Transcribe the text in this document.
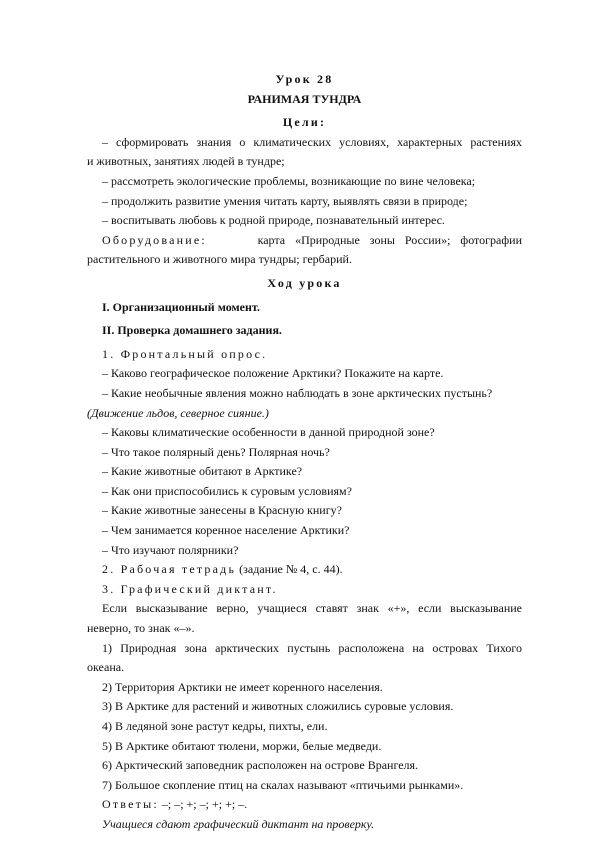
Урок 28
РАНИМАЯ ТУНДРА
Цели:
– сформировать знания о климатических условиях, характерных растениях
и животных, занятиях людей в тундре;
– рассмотреть экологические проблемы, возникающие по вине человека;
– продолжить развитие умения читать карту, выявлять связи в природе;
– воспитывать любовь к родной природе, познавательный интерес.
Оборудование:	карта «Природные зоны России»; фотографии
растительного и животного мира тундры; гербарий.
Ход урока
I. Организационный момент.
II. Проверка домашнего задания.
1. Фронтальный опрос.
– Каково географическое положение Арктики? Покажите на карте.
– Какие необычные явления можно наблюдать в зоне арктических пустынь?
(Движение льдов, северное сияние.)
– Каковы климатические особенности в данной природной зоне?
– Что такое полярный день? Полярная ночь?
– Какие животные обитают в Арктике?
– Как они приспособились к суровым условиям?
– Какие животные занесены в Красную книгу?
– Чем занимается коренное население Арктики?
– Что изучают полярники?
2. Рабочая тетрадь (задание № 4, с. 44).
3. Графический диктант.
Если высказывание верно, учащиеся ставят знак «+», если высказывание
неверно, то знак «–».
1) Природная зона арктических пустынь расположена на островах Тихого
океана.
2) Территория Арктики не имеет коренного населения.
3) В Арктике для растений и животных сложились суровые условия.
4) В ледяной зоне растут кедры, пихты, ели.
5) В Арктике обитают тюлени, моржи, белые медведи.
6) Арктический заповедник расположен на острове Врангеля.
7) Большое скопление птиц на скалах называют «птичьими рынками».
Ответы: –; –; +; –; +; +; –.
Учащиеся сдают графический диктант на проверку.
